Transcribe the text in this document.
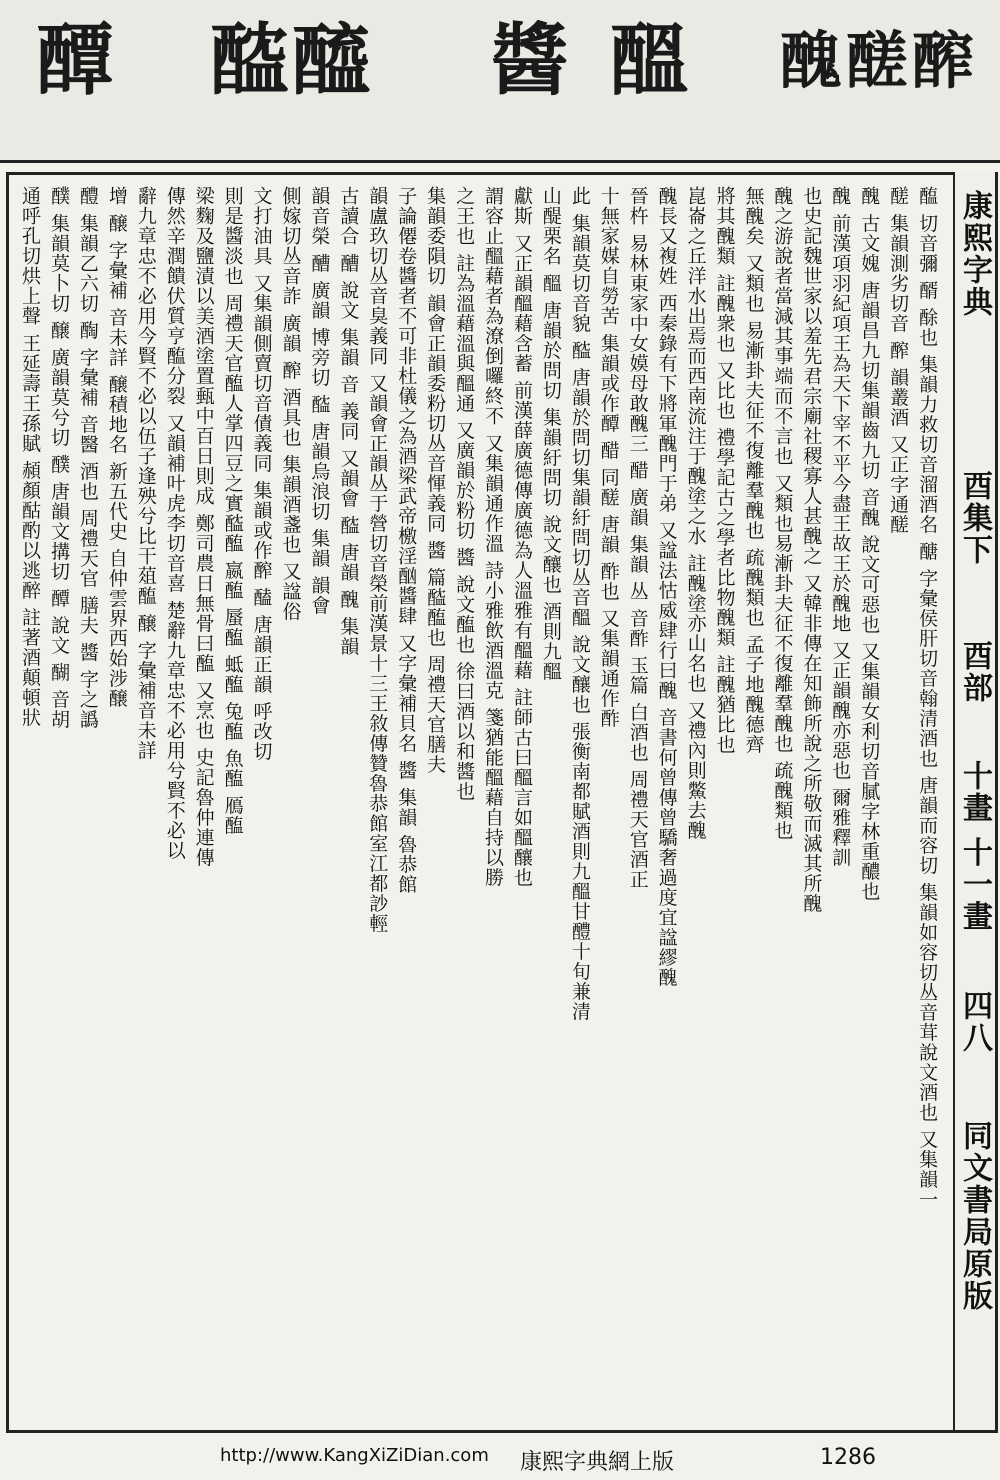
醰 醓醯 醬 醞 醜醝醡
康熙字典
酉集下
酉部
十畫 十一畫
四八
同文書局原版
醢 切音彌 醑 酴也 集韻力救切音溜酒名 醣 字彙侯肝切音翰清酒也 唐韻而容切 集韻如容切丛音茸說文酒也 又集韻一
醝 集韻測劣切音 醡 韻叢酒 又正字通醝
醜 古文媿 唐韻昌九切集韻齒九切 音醜 說文可惡也 又集韻女利切音膩字林重醲也
醜 前漢項羽紀項王為天下宰不平今盡王故王於醜地 又正韻醜亦惡也 爾雅釋訓
也史記魏世家以羞先君宗廟社稷寡人甚醜之 又韓非傳在知飾所說之所敬而滅其所醜
醜之游說者當減其事端而不言也 又類也易漸卦夫征不復離羣醜也 疏醜類也
無醜矣 又類也 易漸卦夫征不復離羣醜也 疏醜類也 孟子地醜德齊
將其醜類 註醜衆也 又比也 禮學記古之學者比物醜類 註醜猶比也
崑崙之丘洋水出焉而西南流注于醜塗之水 註醜塗亦山名也 又禮內則鱉去醜
醜長又複姓 西秦錄有下將軍醜門于弟 又諡法怙威肆行曰醜 音書何曾傳曾驕奢過度宜諡繆醜
晉杵 易林東家中女嫫母敢醜三 醋 廣韻 集韻 丛 音酢 玉篇 白酒也 周禮天官酒正
十無家媒自勞苦 集韻或作醰 醋 同醝 唐韻 酢也 又集韻通作酢
此 集韻莫切音貌 醓 唐韻於問切集韻紆問切丛音醞 說文釀也 張衡南都賦酒則九醞甘醴十旬兼清
山醍栗名 醞 唐韻於問切 集韻紆問切 說文釀也 酒則九醞
獻斯 又正韻醞藉含蓄 前漢薛廣德傳廣德為人溫雅有醞藉 註師古曰醞言如醞釀也
謂容止醞藉者為潦倒囉終不 又集韻通作溫 詩小雅飲酒溫克 箋猶能醞藉自持以勝
之王也 註為溫藉溫與醞通 又廣韻於粉切 醬 說文醢也 徐曰酒以和醬也
集韻委隕切 韻會正韻委粉切丛音惲義同 醬 篇醓醢也 周禮天官膳夫
子論僊卷醬者不可非杜儀之為酒梁武帝檄淫酗醬肆 又字彙補貝名 醬 集韻 魯恭館
韻盧玖切丛音臭義同 又韻會正韻丛于營切音榮前漢景十三王敘傳贊魯恭館室江都訬輕
古讀合 醩 說文 集韻 音 義同 又韻會 醓 唐韻 醜 集韻
韻音榮 醩 廣韻 博旁切 醓 唐韻烏浪切 集韻 韻會
側嫁切丛音詐 廣韻 醡 酒具也 集韻酒盞也 又諡俗
文打油具 又集韻側賣切音債義同 集韻或作醡 醘 唐韻正韻 呼改切
則是醬淡也 周禮天官醢人掌四豆之實醓醢 嬴醢 蜃醢 蚳醢 兔醢 魚醢 鴈醢
梁麴及鹽漬以美酒塗置甀中百日則成 鄭司農日無骨曰醢 又烹也 史記魯仲連傳
傳然辛潤饋伏質亨醢分裂 又韻補叶虎李切音喜 楚辭九章忠不必用兮賢不必以
辭九章忠不必用今賢不必以伍子逢殃兮比干葅醢 醸 字彙補音未詳
增 醸 字彙補 音未詳 醸積地名 新五代史 自仲雲界西始涉醸
醴 集韻乙六切 醄 字彙補 音醫 酒也 周禮天官 膳夫 醬 字之譌
醭 集韻莫卜切 醸 廣韻莫兮切 醭 唐韻文搆切 醰 說文 醐 音胡
通呼孔切烘上聲 王延壽王孫賦 頳顏酤酌以逃醉 註著酒顛頓狀
http://www.KangXiZiDian.com 康熙字典網上版	1286
